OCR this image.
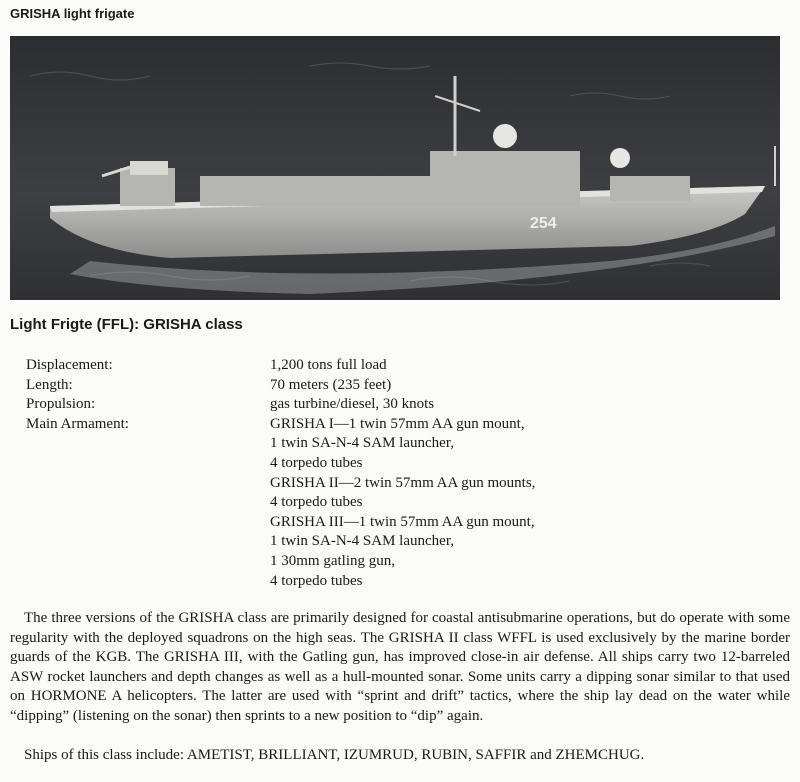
GRISHA light frigate
254
Light Frigte (FFL): GRISHA class
Displacement:	1,200 tons full load
Length:	70 meters (235 feet)
Propulsion:	gas turbine/diesel, 30 knots
Main Armament:	GRISHA I—1 twin 57mm AA gun mount,
1 twin SA-N-4 SAM launcher,
4 torpedo tubes
GRISHA II—2 twin 57mm AA gun mounts,
4 torpedo tubes
GRISHA III—1 twin 57mm AA gun mount,
1 twin SA-N-4 SAM launcher,
1 30mm gatling gun,
4 torpedo tubes

The three versions of the GRISHA class are primarily designed for coastal antisubmarine operations, but do operate with some regularity with the deployed squadrons on the high seas. The GRISHA II class WFFL is used exclusively by the marine border guards of the KGB. The GRISHA III, with the Gatling gun, has improved close-in air defense. All ships carry two 12-barreled ASW rocket launchers and depth changes as well as a hull-mounted sonar. Some units carry a dipping sonar similar to that used on HORMONE A helicopters. The latter are used with “sprint and drift” tactics, where the ship lay dead on the water while “dipping” (listening on the sonar) then sprints to a new position to “dip” again.

Ships of this class include: AMETIST, BRILLIANT, IZUMRUD, RUBIN, SAFFIR and ZHEMCHUG.
